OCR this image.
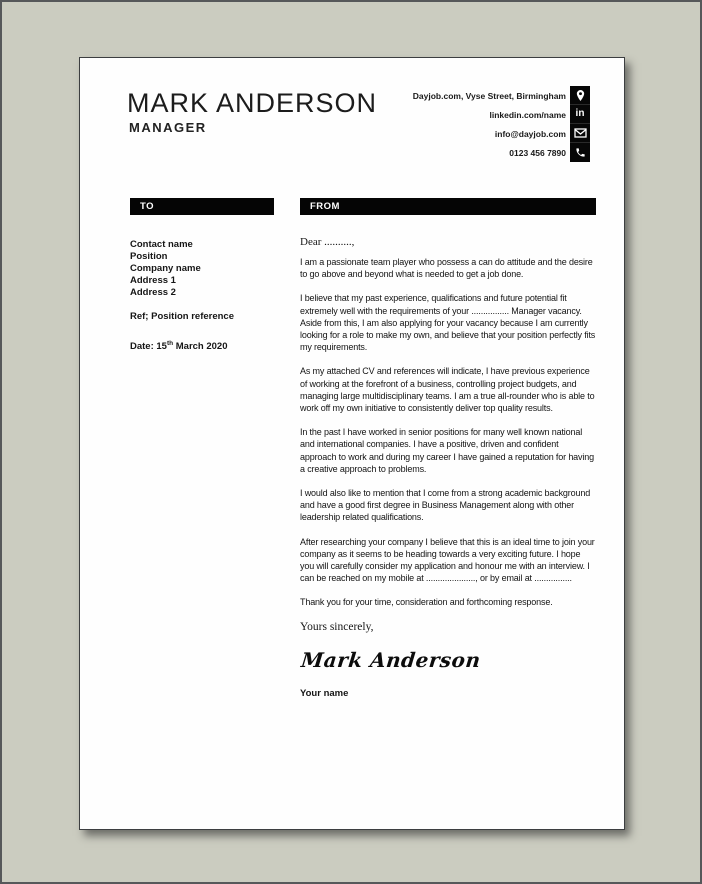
MARK ANDERSON
MANAGER
Dayjob.com, Vyse Street, Birmingham
linkedin.com/name
info@dayjob.com
0123 456 7890
in
TO
Contact name
Position
Company name
Address 1
Address 2
Ref; Position reference
Date: 15th March 2020
FROM
Dear ..........,

I am a passionate team player who possess a can do attitude and the desire to go above and beyond what is needed to get a job done.

I believe that my past experience, qualifications and future potential fit extremely well with the requirements of your ................ Manager vacancy. Aside from this, I am also applying for your vacancy because I am currently looking for a role to make my own, and believe that your position perfectly fits my requirements.

As my attached CV and references will indicate, I have previous experience of working at the forefront of a business, controlling project budgets, and managing large multidisciplinary teams. I am a true all-rounder who is able to work off my own initiative to consistently deliver top quality results.

In the past I have worked in senior positions for many well known national and international companies. I have a positive, driven and confident approach to work and during my career I have gained a reputation for having a creative approach to problems.

I would also like to mention that I come from a strong academic background and have a good first degree in Business Management along with other leadership related qualifications.

After researching your company I believe that this is an ideal time to join your company as it seems to be heading towards a very exciting future. I hope you will carefully consider my application and honour me with an interview. I can be reached on my mobile at ....................., or by email at ................

Thank you for your time, consideration and forthcoming response.

Yours sincerely,
Mark Anderson
Your name
